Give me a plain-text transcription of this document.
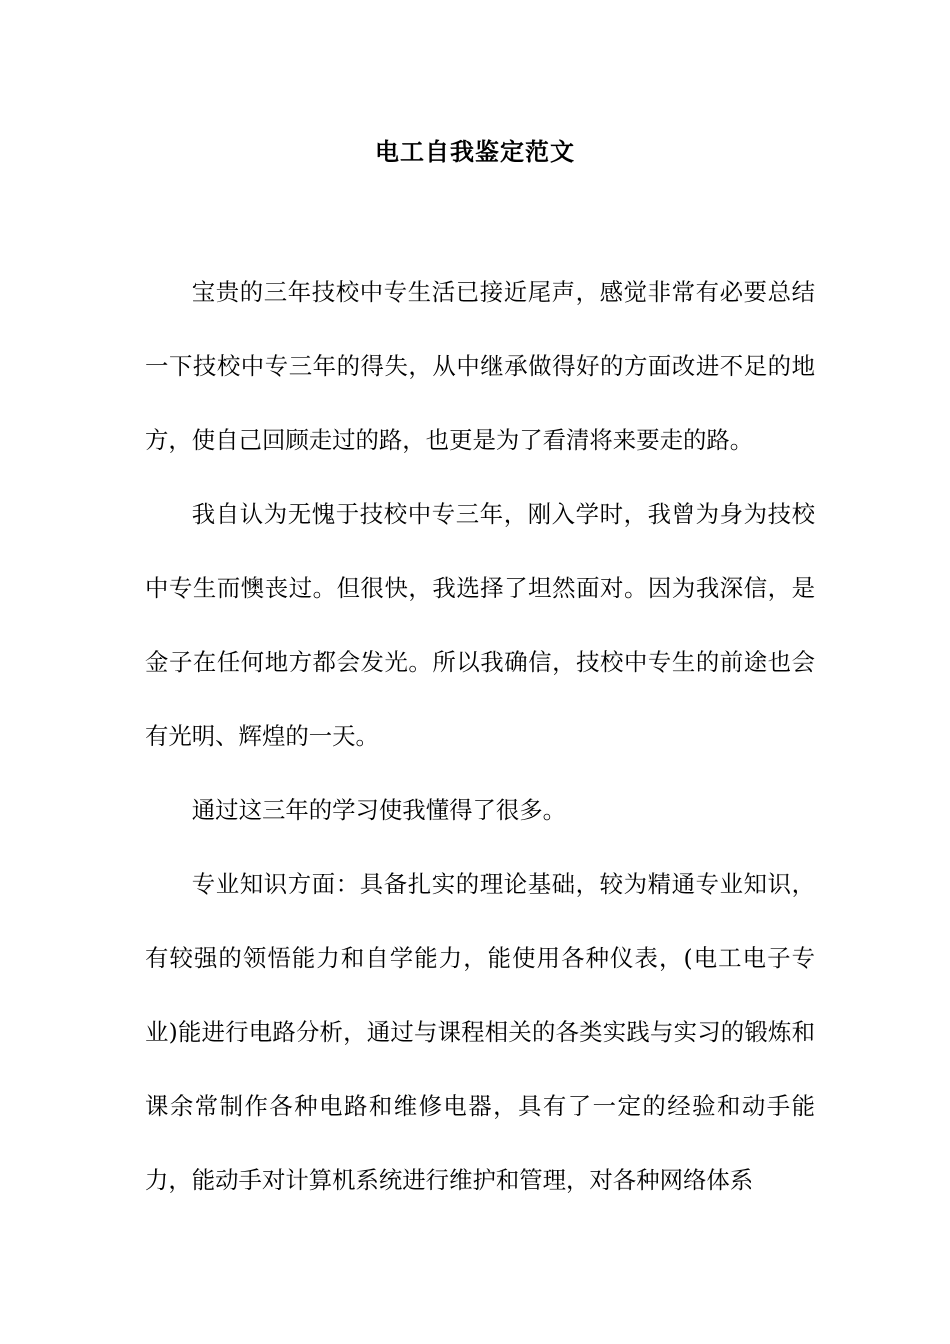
电工自我鉴定范文

宝贵的三年技校中专生活已接近尾声，感觉非常有必要总结一下技校中专三年的得失，从中继承做得好的方面改进不足的地方，使自己回顾走过的路，也更是为了看清将来要走的路。

我自认为无愧于技校中专三年，刚入学时，我曾为身为技校中专生而懊丧过。但很快，我选择了坦然面对。因为我深信，是金子在任何地方都会发光。所以我确信，技校中专生的前途也会有光明、辉煌的一天。

通过这三年的学习使我懂得了很多。

专业知识方面：具备扎实的理论基础，较为精通专业知识，有较强的领悟能力和自学能力，能使用各种仪表，(电工电子专业)能进行电路分析，通过与课程相关的各类实践与实习的锻炼和课余常制作各种电路和维修电器，具有了一定的经验和动手能力，能动手对计算机系统进行维护和管理，对各种网络体系
